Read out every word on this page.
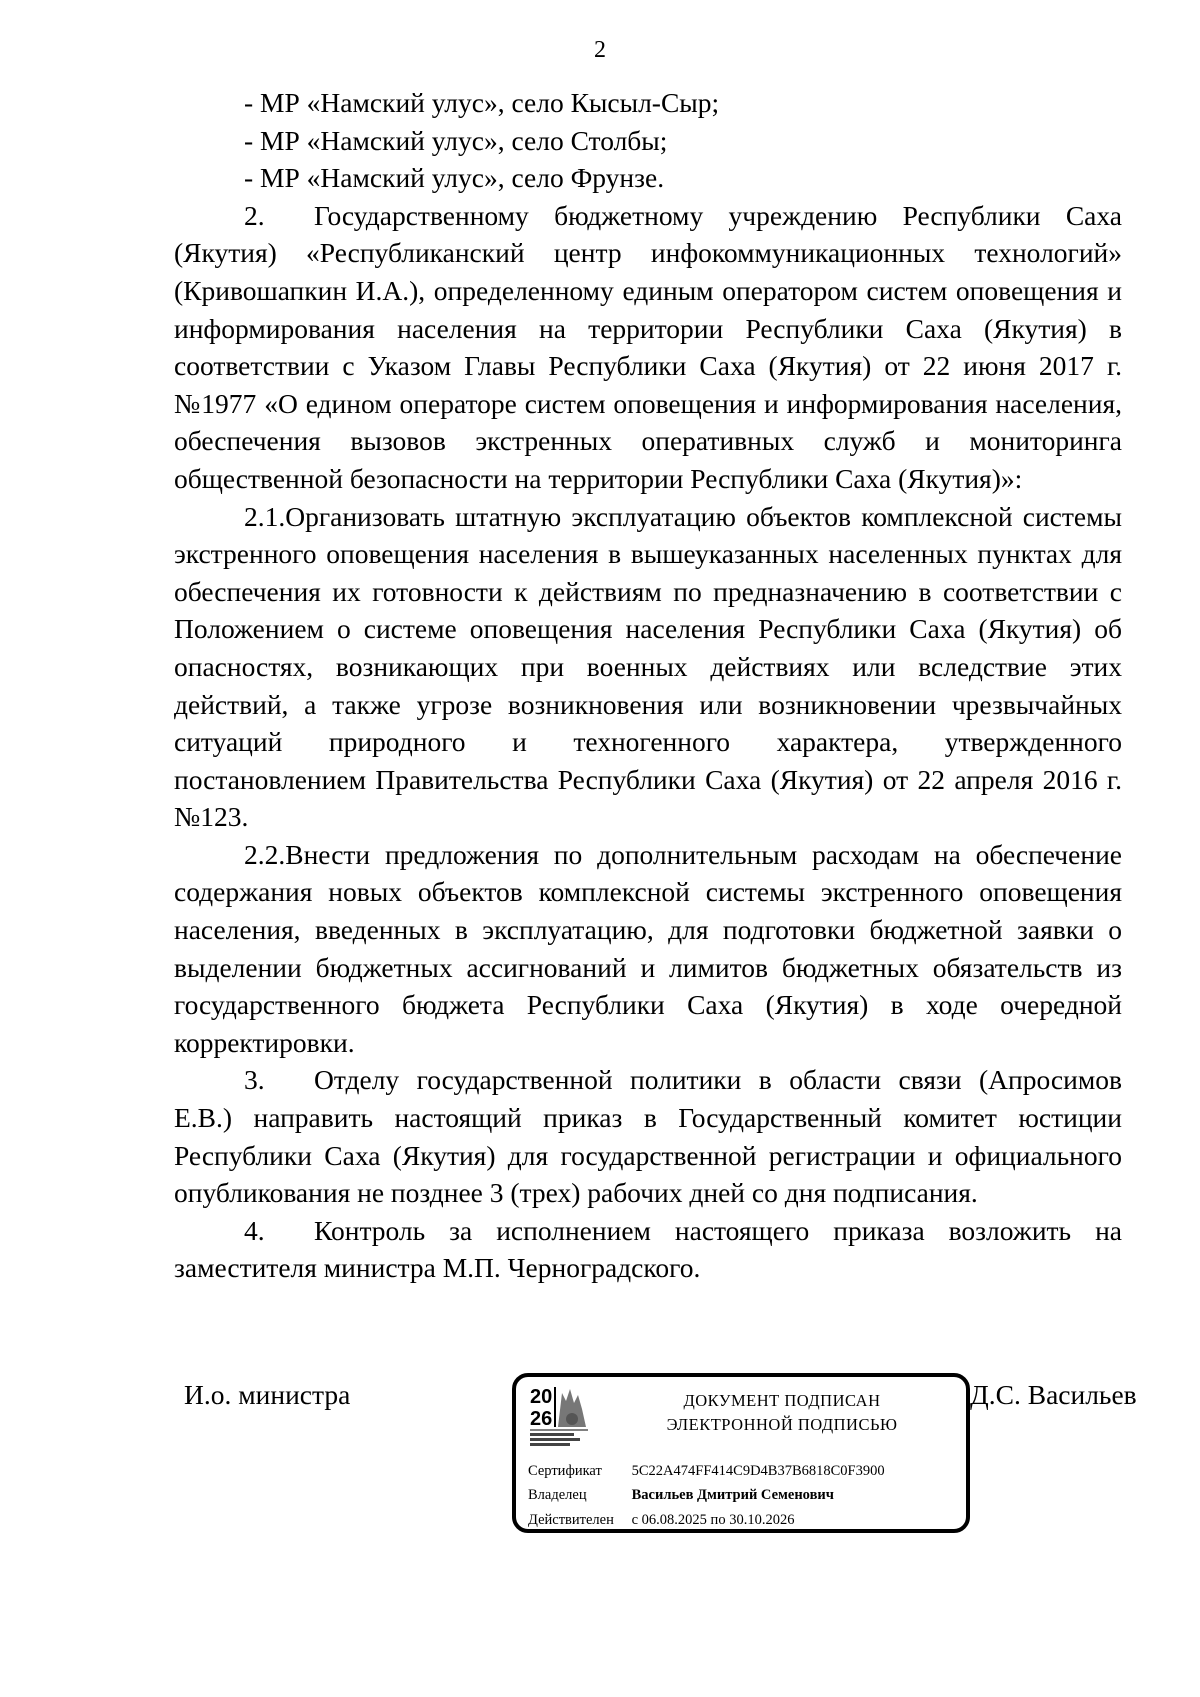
2

- МР «Намский улус», село Кысыл-Сыр;

- МР «Намский улус», село Столбы;

- МР «Намский улус», село Фрунзе.

2. Государственному бюджетному учреждению Республики Саха (Якутия) «Республиканский центр инфокоммуникационных технологий» (Кривошапкин И.А.), определенному единым оператором систем оповещения и информирования населения на территории Республики Саха (Якутия) в соответствии с Указом Главы Республики Саха (Якутия) от 22 июня 2017 г. №1977 «О едином операторе систем оповещения и информирования населения, обеспечения вызовов экстренных оперативных служб и мониторинга общественной безопасности на территории Республики Саха (Якутия)»:

2.1.Организовать штатную эксплуатацию объектов комплексной системы экстренного оповещения населения в вышеуказанных населенных пунктах для обеспечения их готовности к действиям по предназначению в соответствии с Положением о системе оповещения населения Республики Саха (Якутия) об опасностях, возникающих при военных действиях или вследствие этих действий, а также угрозе возникновения или возникновении чрезвычайных ситуаций природного и техногенного характера, утвержденного постановлением Правительства Республики Саха (Якутия) от 22 апреля 2016 г. №123.

2.2.Внести предложения по дополнительным расходам на обеспечение содержания новых объектов комплексной системы экстренного оповещения населения, введенных в эксплуатацию, для подготовки бюджетной заявки о выделении бюджетных ассигнований и лимитов бюджетных обязательств из государственного бюджета Республики Саха (Якутия) в ходе очередной корректировки.

3. Отделу государственной политики в области связи (Апросимов Е.В.) направить настоящий приказ в Государственный комитет юстиции Республики Саха (Якутия) для государственной регистрации и официального опубликования не позднее 3 (трех) рабочих дней со дня подписания.

4. Контроль за исполнением настоящего приказа возложить на заместителя министра М.П. Черноградского.

И.о. министра	Д.С. Васильев
20
26
ДОКУМЕНТ ПОДПИСАН
ЭЛЕКТРОННОЙ ПОДПИСЬЮ
Сертификат 5C22A474FF414C9D4B37B6818C0F3900
Владелец	Васильев Дмитрий Семенович
Действителен с 06.08.2025 по 30.10.2026
